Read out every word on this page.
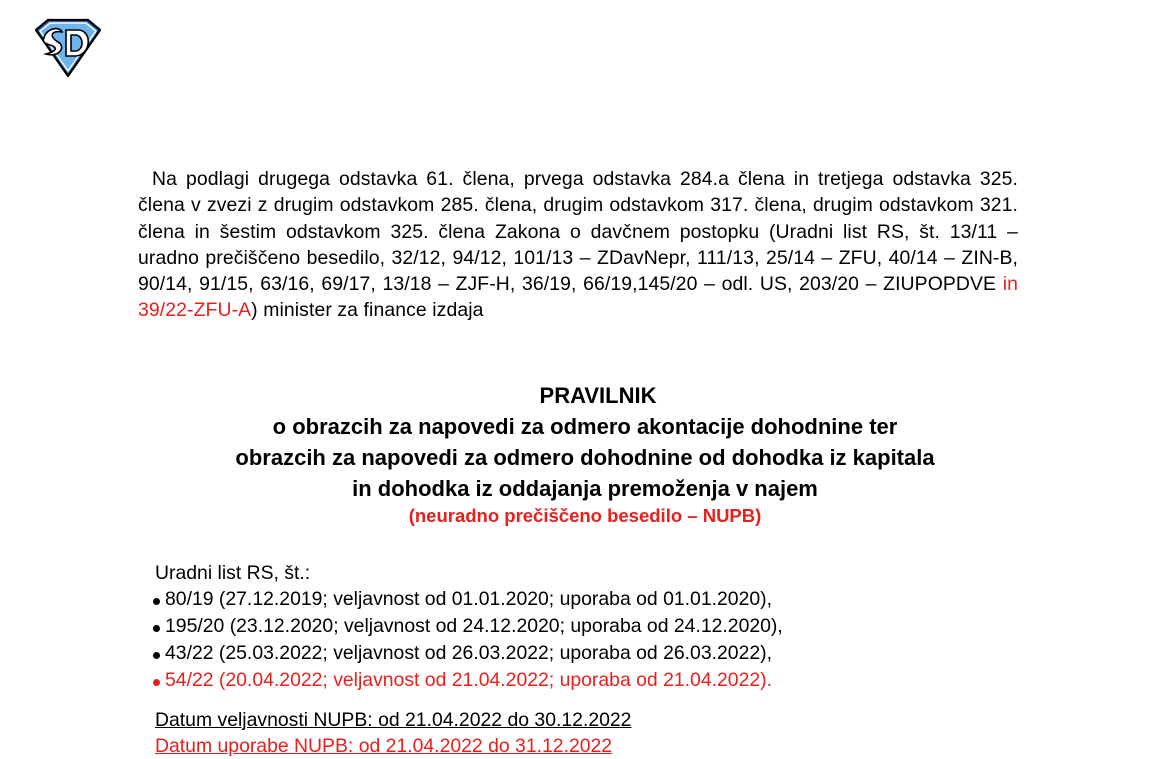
Na podlagi drugega odstavka 61. člena, prvega odstavka 284.a člena in tretjega odstavka 325. člena v zvezi z drugim odstavkom 285. člena, drugim odstavkom 317. člena, drugim odstavkom 321. člena in šestim odstavkom 325. člena Zakona o davčnem postopku (Uradni list RS, št. 13/11 – uradno prečiščeno besedilo, 32/12, 94/12, 101/13 – ZDavNepr, 111/13, 25/14 – ZFU, 40/14 – ZIN-B, 90/14, 91/15, 63/16, 69/17, 13/18 – ZJF-H, 36/19, 66/19,145/20 – odl. US, 203/20 – ZIUPOPDVE in 39/22-ZFU-A) minister za finance izdaja
PRAVILNIK
o obrazcih za napovedi za odmero akontacije dohodnine ter
obrazcih za napovedi za odmero dohodnine od dohodka iz kapitala
in dohodka iz oddajanja premoženja v najem
(neuradno prečiščeno besedilo – NUPB)
Uradni list RS, št.:
80/19 (27.12.2019; veljavnost od 01.01.2020; uporaba od 01.01.2020),
195/20 (23.12.2020; veljavnost od 24.12.2020; uporaba od 24.12.2020),
43/22 (25.03.2022; veljavnost od 26.03.2022; uporaba od 26.03.2022),
54/22 (20.04.2022; veljavnost od 21.04.2022; uporaba od 21.04.2022).
Datum veljavnosti NUPB: od 21.04.2022 do 30.12.2022
Datum uporabe NUPB: od 21.04.2022 do 31.12.2022
